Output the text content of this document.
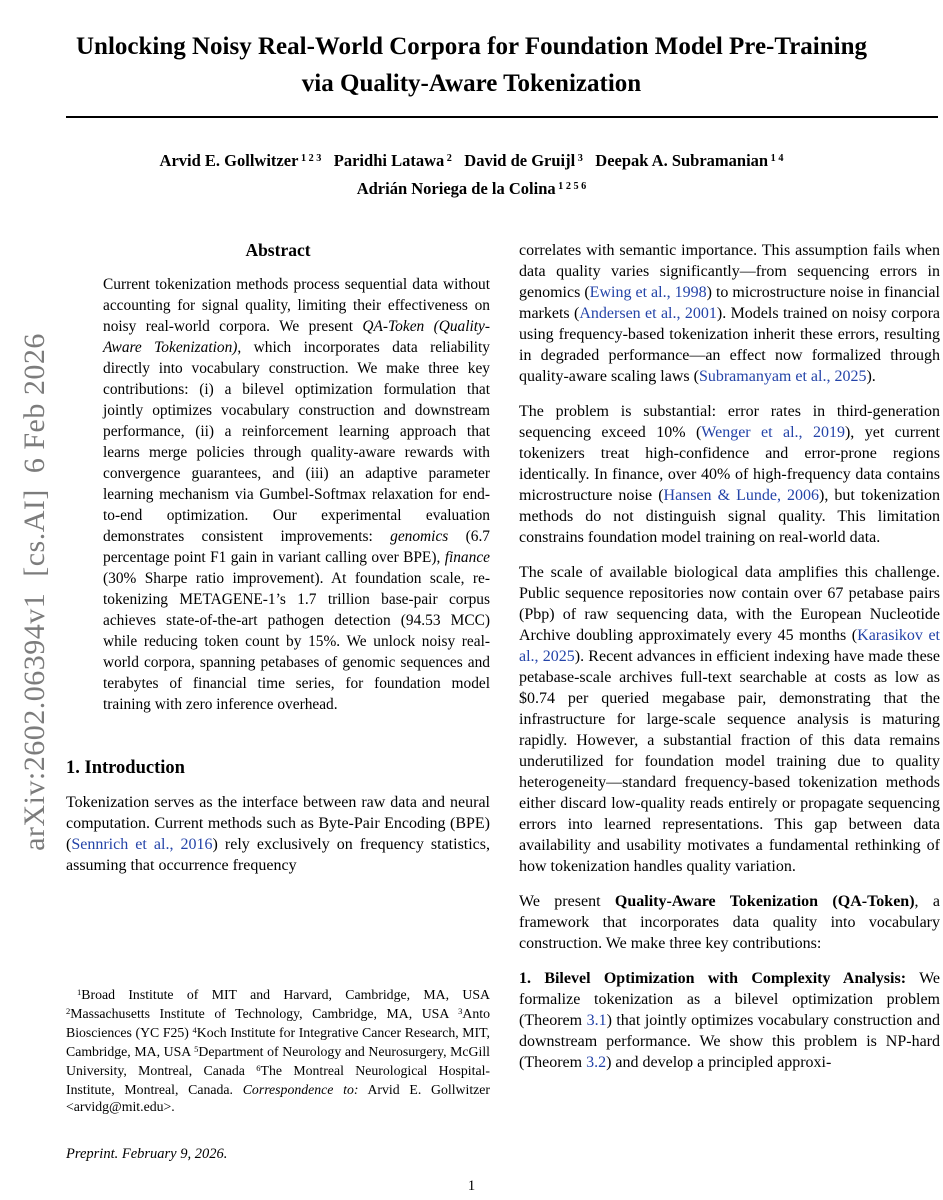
arXiv:2602.06394v1  [cs.AI]  6 Feb 2026
Unlocking Noisy Real-World Corpora for Foundation Model Pre-Training
via Quality-Aware Tokenization
Arvid E. Gollwitzer $^{1 2 3}$ Paridhi Latawa $^2$ David de Gruijl $^3$ Deepak A. Subramanian $^{1 4}$
Adrián Noriega de la Colina $^{1 2 5 6}$
Abstract
Current tokenization methods process sequential data without accounting for signal quality, limiting their effectiveness on noisy real-world corpora. We present QA-Token (Quality-Aware Tokenization), which incorporates data reliability directly into vocabulary construction. We make three key contributions: (i) a bilevel optimization formulation that jointly optimizes vocabulary construction and downstream performance, (ii) a reinforcement learning approach that learns merge policies through quality-aware rewards with convergence guarantees, and (iii) an adaptive parameter learning mechanism via Gumbel-Softmax relaxation for end-to-end optimization. Our experimental evaluation demonstrates consistent improvements: genomics (6.7 percentage point F1 gain in variant calling over BPE), finance (30% Sharpe ratio improvement). At foundation scale, re-tokenizing METAGENE-1’s 1.7 trillion base-pair corpus achieves state-of-the-art pathogen detection (94.53 MCC) while reducing token count by 15%. We unlock noisy real-world corpora, spanning petabases of genomic sequences and terabytes of financial time series, for foundation model training with zero inference overhead.
1. Introduction
Tokenization serves as the interface between raw data and neural computation. Current methods such as Byte-Pair Encoding (BPE) (Sennrich et al., 2016) rely exclusively on frequency statistics, assuming that occurrence frequency
correlates with semantic importance. This assumption fails when data quality varies significantly—from sequencing errors in genomics (Ewing et al., 1998) to microstructure noise in financial markets (Andersen et al., 2001). Models trained on noisy corpora using frequency-based tokenization inherit these errors, resulting in degraded performance—an effect now formalized through quality-aware scaling laws (Subramanyam et al., 2025).
The problem is substantial: error rates in third-generation sequencing exceed 10% (Wenger et al., 2019), yet current tokenizers treat high-confidence and error-prone regions identically. In finance, over 40% of high-frequency data contains microstructure noise (Hansen & Lunde, 2006), but tokenization methods do not distinguish signal quality. This limitation constrains foundation model training on real-world data.
The scale of available biological data amplifies this challenge. Public sequence repositories now contain over 67 petabase pairs (Pbp) of raw sequencing data, with the European Nucleotide Archive doubling approximately every 45 months (Karasikov et al., 2025). Recent advances in efficient indexing have made these petabase-scale archives full-text searchable at costs as low as $0.74 per queried megabase pair, demonstrating that the infrastructure for large-scale sequence analysis is maturing rapidly. However, a substantial fraction of this data remains underutilized for foundation model training due to quality heterogeneity—standard frequency-based tokenization methods either discard low-quality reads entirely or propagate sequencing errors into learned representations. This gap between data availability and usability motivates a fundamental rethinking of how tokenization handles quality variation.
We present Quality-Aware Tokenization (QA-Token), a framework that incorporates data quality into vocabulary construction. We make three key contributions:
1. Bilevel Optimization with Complexity Analysis: We formalize tokenization as a bilevel optimization problem (Theorem 3.1) that jointly optimizes vocabulary construction and downstream performance. We show this problem is NP-hard (Theorem 3.2) and develop a principled approxi-
$^1$Broad Institute of MIT and Harvard, Cambridge, MA, USA $^2$Massachusetts Institute of Technology, Cambridge, MA, USA $^3$Anto Biosciences (YC F25) $^4$Koch Institute for Integrative Cancer Research, MIT, Cambridge, MA, USA $^5$Department of Neurology and Neurosurgery, McGill University, Montreal, Canada $^6$The Montreal Neurological Hospital-Institute, Montreal, Canada. Correspondence to: Arvid E. Gollwitzer <arvidg@mit.edu>.
Preprint. February 9, 2026.
1
